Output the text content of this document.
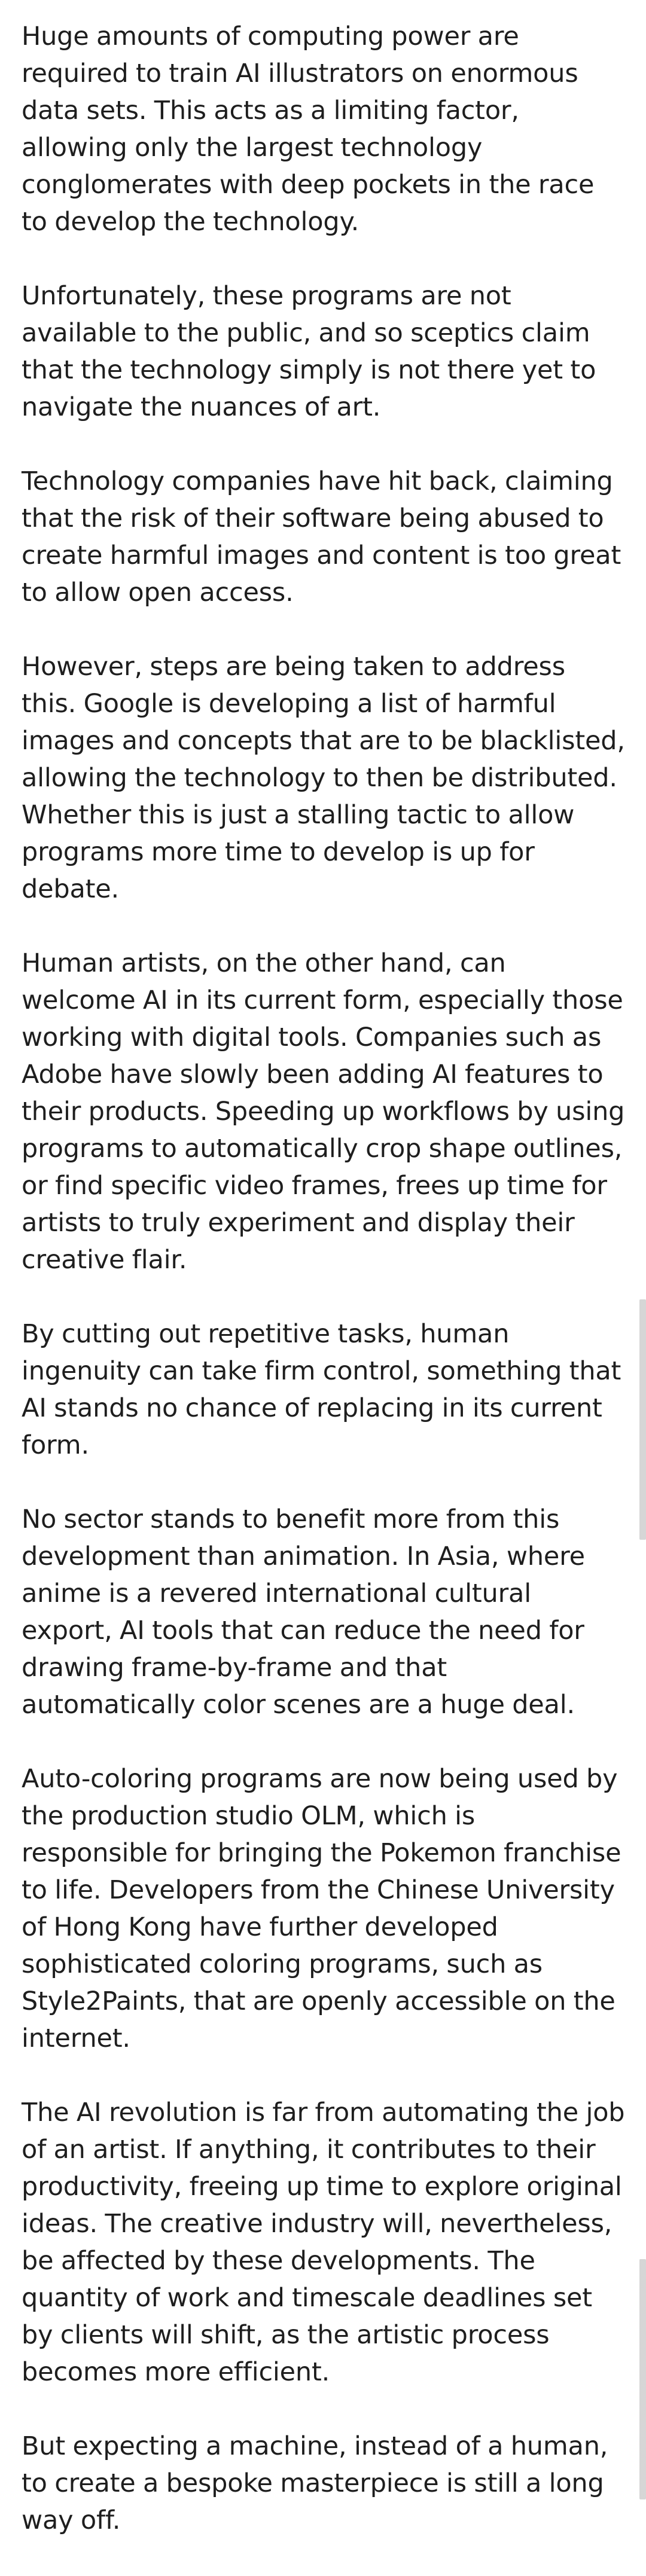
Huge amounts of computing power are required to train AI illustrators on enormous data sets. This acts as a limiting factor, allowing only the largest technology conglomerates with deep pockets in the race to develop the technology.

Unfortunately, these programs are not available to the public, and so sceptics claim that the technology simply is not there yet to navigate the nuances of art.

Technology companies have hit back, claiming that the risk of their software being abused to create harmful images and content is too great to allow open access.

However, steps are being taken to address this. Google is developing a list of harmful images and concepts that are to be blacklisted, allowing the technology to then be distributed. Whether this is just a stalling tactic to allow programs more time to develop is up for debate.

Human artists, on the other hand, can welcome AI in its current form, especially those working with digital tools. Companies such as Adobe have slowly been adding AI features to their products. Speeding up workflows by using programs to automatically crop shape outlines, or find specific video frames, frees up time for artists to truly experiment and display their creative flair.

By cutting out repetitive tasks, human ingenuity can take firm control, something that AI stands no chance of replacing in its current form.

No sector stands to benefit more from this development than animation. In Asia, where anime is a revered international cultural export, AI tools that can reduce the need for drawing frame-by-frame and that automatically color scenes are a huge deal.

Auto-coloring programs are now being used by the production studio OLM, which is responsible for bringing the Pokemon franchise to life. Developers from the Chinese University of Hong Kong have further developed sophisticated coloring programs, such as Style2Paints, that are openly accessible on the internet.

The AI revolution is far from automating the job of an artist. If anything, it contributes to their productivity, freeing up time to explore original ideas. The creative industry will, nevertheless, be affected by these developments. The quantity of work and timescale deadlines set by clients will shift, as the artistic process becomes more efficient.

But expecting a machine, instead of a human, to create a bespoke masterpiece is still a long way off.
